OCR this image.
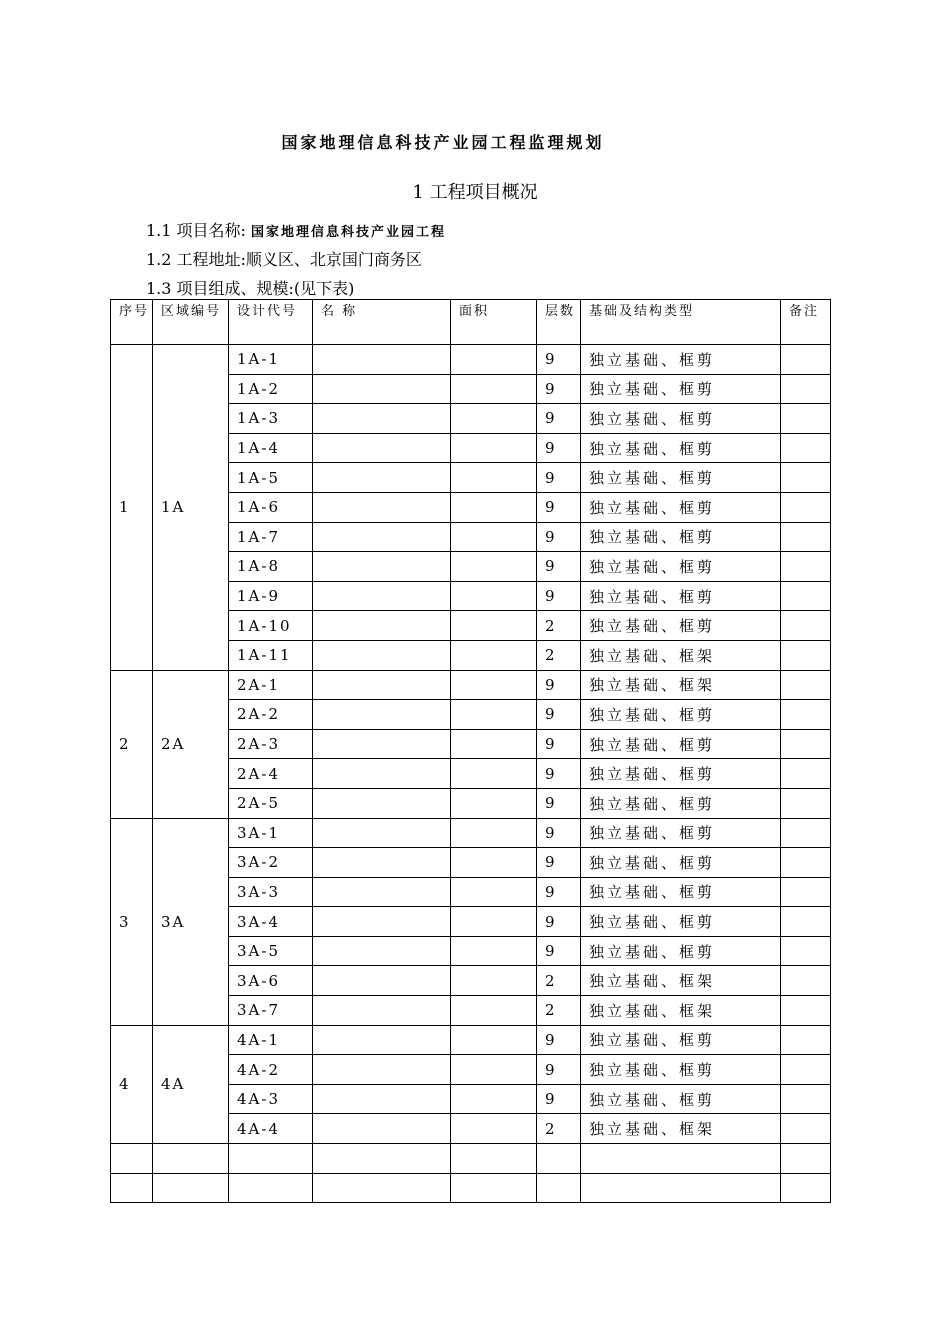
国家地理信息科技产业园工程监理规划
1 工程项目概况
1.1 项目名称: 国家地理信息科技产业园工程
1.2 工程地址:顺义区、北京国门商务区
1.3 项目组成、规模:(见下表)
序号	区域编号	设计代号	名 称	面积	层数	基础及结构类型	备注
1	1A	1A-1			9	独立基础、框剪	
		1A-2			9	独立基础、框剪	
		1A-3			9	独立基础、框剪	
		1A-4			9	独立基础、框剪	
		1A-5			9	独立基础、框剪	
		1A-6			9	独立基础、框剪	
		1A-7			9	独立基础、框剪	
		1A-8			9	独立基础、框剪	
		1A-9			9	独立基础、框剪	
		1A-10			2	独立基础、框剪	
		1A-11			2	独立基础、框架	
2	2A	2A-1			9	独立基础、框架	
		2A-2			9	独立基础、框剪	
		2A-3			9	独立基础、框剪	
		2A-4			9	独立基础、框剪	
		2A-5			9	独立基础、框剪	
3	3A	3A-1			9	独立基础、框剪	
		3A-2			9	独立基础、框剪	
		3A-3			9	独立基础、框剪	
		3A-4			9	独立基础、框剪	
		3A-5			9	独立基础、框剪	
		3A-6			2	独立基础、框架	
		3A-7			2	独立基础、框架	
4	4A	4A-1			9	独立基础、框剪	
		4A-2			9	独立基础、框剪	
		4A-3			9	独立基础、框剪	
		4A-4			2	独立基础、框架	
